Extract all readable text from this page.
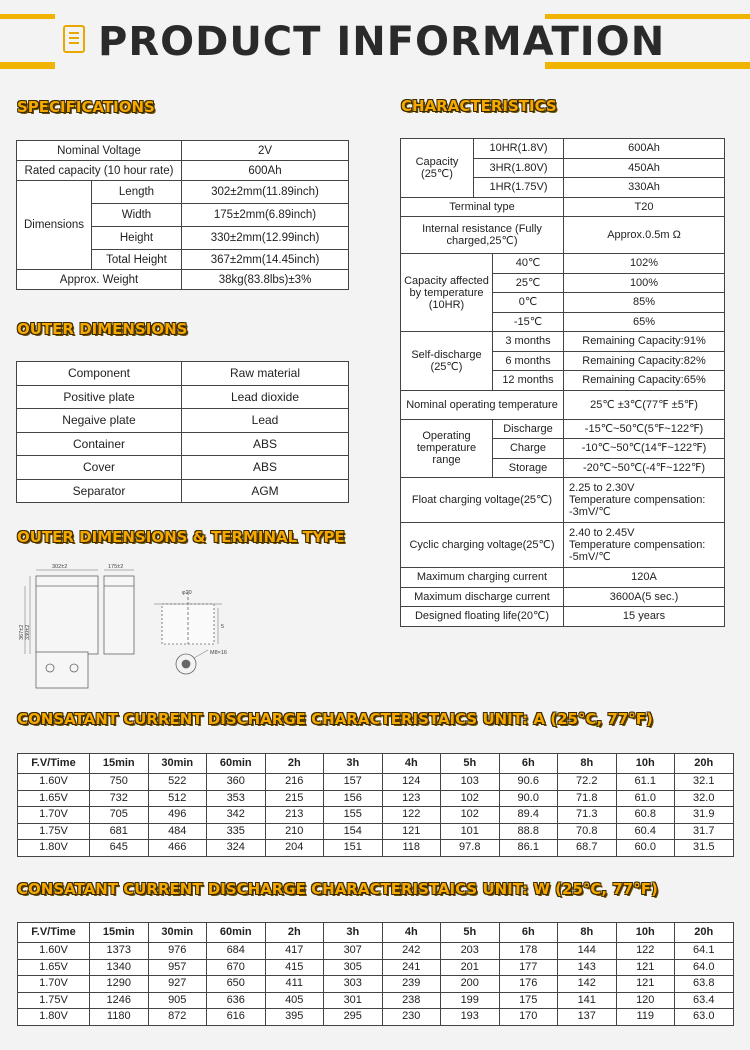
PRODUCT INFORMATION
SPECIFICATIONS
OUTER DIMENSIONS
OUTER DIMENSIONS & TERMINAL TYPE
CHARACTERISTICS
CONSATANT CURRENT DISCHARGE CHARACTERISTAICS UNIT: A (25°C, 77°F)
CONSATANT CURRENT DISCHARGE CHARACTERISTAICS UNIT: W (25°C, 77°F)
Nominal Voltage		2V
Rated capacity (10 hour rate)		600Ah
Dimensions	Length	302±2mm(11.89inch)
	Width	175±2mm(6.89inch)
	Height	330±2mm(12.99inch)
	Total Height	367±2mm(14.45inch)
Approx. Weight		38kg(83.8lbs)±3%
Component	Raw material
Positive plate	Lead dioxide
Negaive plate	Lead
Container	ABS
Cover	ABS
Separator	AGM
302±2	175±2
367±2 330±2
φ20
5
M8×16
Capacity (25℃)	10HR(1.8V)		600Ah
	3HR(1.80V)		450Ah
	1HR(1.75V)		330Ah
Terminal type			T20
Internal resistance (Fully charged,25℃)			Approx.0.5m Ω
Capacity affected by temperature (10HR)		40℃	102%
		25℃	100%
		0℃	85%
		-15℃	65%
Self-discharge (25℃)		3 months	Remaining Capacity:91%
		6 months	Remaining Capacity:82%
		12 months	Remaining Capacity:65%
Nominal operating temperature			25℃ ±3℃(77℉ ±5℉)
Operating temperature range		Discharge	-15℃~50℃(5℉~122℉)
		Charge	-10℃~50℃(14℉~122℉)
		Storage	-20℃~50℃(-4℉~122℉)
Float charging voltage(25℃)			2.25 to 2.30V
Temperature compensation:
-3mV/℃

Cyclic charging voltage(25℃)			2.40 to 2.45V
Temperature compensation:
-5mV/℃

Maximum charging current			120A
Maximum discharge current			3600A(5 sec.)
Designed floating life(20℃)			15 years
F.V/Time	15min	30min	60min	2h	3h	4h	5h	6h	8h	10h	20h
1.60V	750	522	360	216	157	124	103	90.6	72.2	61.1	32.1
1.65V	732	512	353	215	156	123	102	90.0	71.8	61.0	32.0
1.70V	705	496	342	213	155	122	102	89.4	71.3	60.8	31.9
1.75V	681	484	335	210	154	121	101	88.8	70.8	60.4	31.7
1.80V	645	466	324	204	151	118	97.8	86.1	68.7	60.0	31.5
F.V/Time	15min	30min	60min	2h	3h	4h	5h	6h	8h	10h	20h
1.60V	1373	976	684	417	307	242	203	178	144	122	64.1
1.65V	1340	957	670	415	305	241	201	177	143	121	64.0
1.70V	1290	927	650	411	303	239	200	176	142	121	63.8
1.75V	1246	905	636	405	301	238	199	175	141	120	63.4
1.80V	1180	872	616	395	295	230	193	170	137	119	63.0
